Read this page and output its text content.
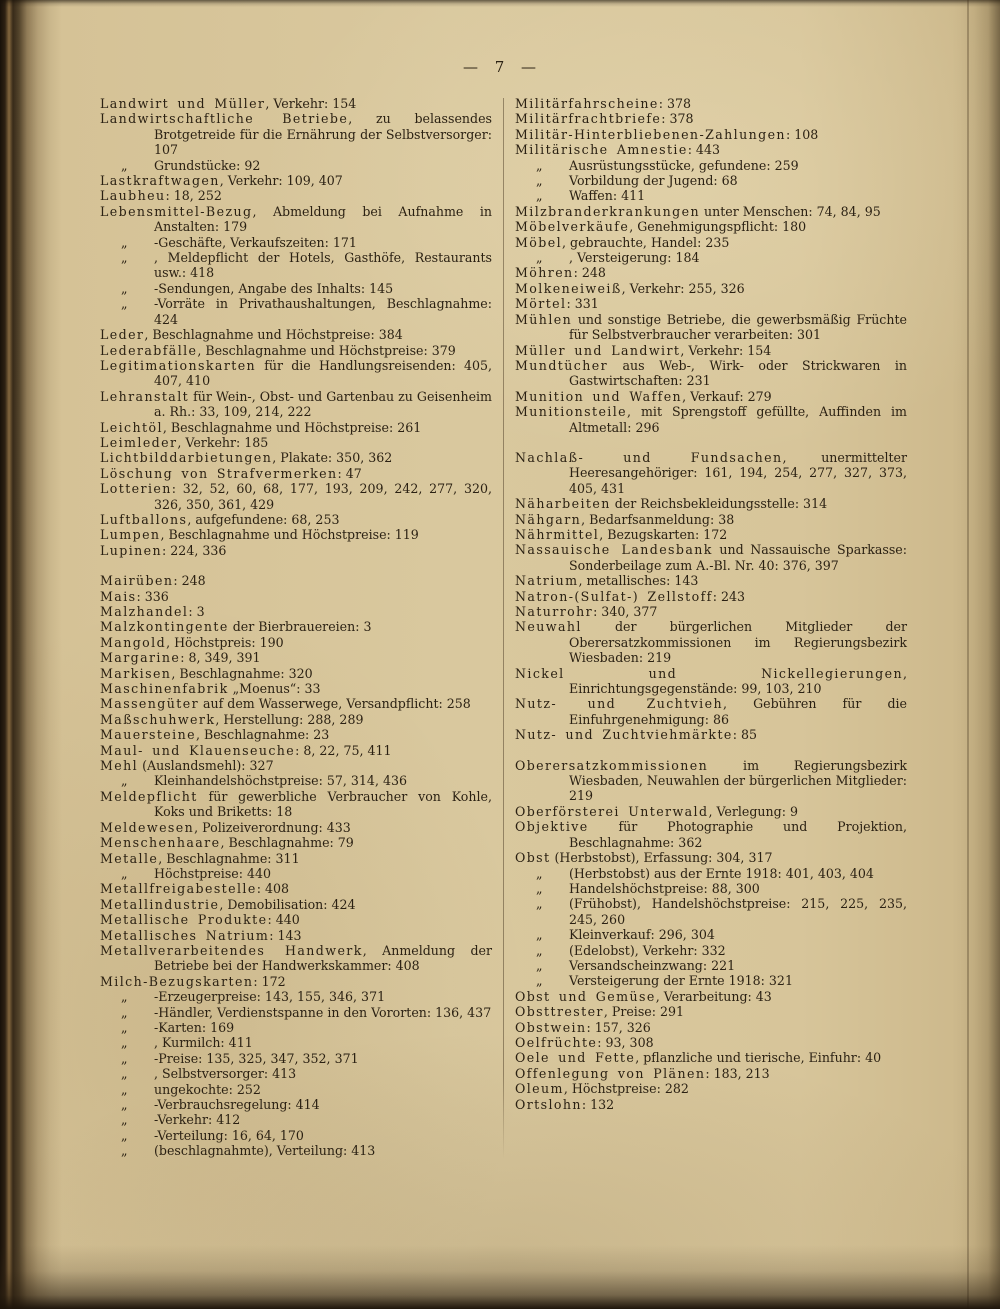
— 7 —
Landwirt und Müller, Verkehr: 154
Landwirtschaftliche Betriebe, zu belassendes Brotgetreide für die Ernährung der Selbstversorger: 107
„ Grundstücke: 92
Lastkraftwagen, Verkehr: 109, 407
Laubheu: 18, 252
Lebensmittel-Bezug, Abmeldung bei Aufnahme in Anstalten: 179
„ -Geschäfte, Verkaufszeiten: 171
„ , Meldepflicht der Hotels, Gasthöfe, Restaurants usw.: 418
„ -Sendungen, Angabe des Inhalts: 145
„ -Vorräte in Privathaushaltungen, Beschlagnahme: 424
Leder, Beschlagnahme und Höchstpreise: 384
Lederabfälle, Beschlagnahme und Höchstpreise: 379
Legitimationskarten für die Handlungsreisenden: 405, 407, 410
Lehranstalt für Wein-, Obst- und Gartenbau zu Geisenheim a. Rh.: 33, 109, 214, 222
Leichtöl, Beschlagnahme und Höchstpreise: 261
Leimleder, Verkehr: 185
Lichtbilddarbietungen, Plakate: 350, 362
Löschung von Strafvermerken: 47
Lotterien: 32, 52, 60, 68, 177, 193, 209, 242, 277, 320, 326, 350, 361, 429
Luftballons, aufgefundene: 68, 253
Lumpen, Beschlagnahme und Höchstpreise: 119
Lupinen: 224, 336
Mairüben: 248
Mais: 336
Malzhandel: 3
Malzkontingente der Bierbrauereien: 3
Mangold, Höchstpreis: 190
Margarine: 8, 349, 391
Markisen, Beschlagnahme: 320
Maschinenfabrik „Moenus“: 33
Massengüter auf dem Wasserwege, Versandpflicht: 258
Maßschuhwerk, Herstellung: 288, 289
Mauersteine, Beschlagnahme: 23
Maul- und Klauenseuche: 8, 22, 75, 411
Mehl (Auslandsmehl): 327
„ Kleinhandelshöchstpreise: 57, 314, 436
Meldepflicht für gewerbliche Verbraucher von Kohle, Koks und Briketts: 18
Meldewesen, Polizeiverordnung: 433
Menschenhaare, Beschlagnahme: 79
Metalle, Beschlagnahme: 311
„ Höchstpreise: 440
Metallfreigabestelle: 408
Metallindustrie, Demobilisation: 424
Metallische Produkte: 440
Metallisches Natrium: 143
Metallverarbeitendes Handwerk, Anmeldung der Betriebe bei der Handwerkskammer: 408
Milch-Bezugskarten: 172
„ -Erzeugerpreise: 143, 155, 346, 371
„ -Händler, Verdienstspanne in den Vororten: 136, 437
„ -Karten: 169
„ , Kurmilch: 411
„ -Preise: 135, 325, 347, 352, 371
„ , Selbstversorger: 413
„ ungekochte: 252
„ -Verbrauchsregelung: 414
„ -Verkehr: 412
„ -Verteilung: 16, 64, 170
„ (beschlagnahmte), Verteilung: 413
Militärfahrscheine: 378
Militärfrachtbriefe: 378
Militär-Hinterbliebenen-Zahlungen: 108
Militärische Amnestie: 443
„ Ausrüstungsstücke, gefundene: 259
„ Vorbildung der Jugend: 68
„ Waffen: 411
Milzbranderkrankungen unter Menschen: 74, 84, 95
Möbelverkäufe, Genehmigungspflicht: 180
Möbel, gebrauchte, Handel: 235
„ , Versteigerung: 184
Möhren: 248
Molkeneiweiß, Verkehr: 255, 326
Mörtel: 331
Mühlen und sonstige Betriebe, die gewerbsmäßig Früchte für Selbstverbraucher verarbeiten: 301
Müller und Landwirt, Verkehr: 154
Mundtücher aus Web-, Wirk- oder Strickwaren in Gastwirtschaften: 231
Munition und Waffen, Verkauf: 279
Munitionsteile, mit Sprengstoff gefüllte, Auffinden im Altmetall: 296
Nachlaß- und Fundsachen, unermittelter Heeresangehöriger: 161, 194, 254, 277, 327, 373, 405, 431
Näharbeiten der Reichsbekleidungsstelle: 314
Nähgarn, Bedarfsanmeldung: 38
Nährmittel, Bezugskarten: 172
Nassauische Landesbank und Nassauische Sparkasse: Sonderbeilage zum A.-Bl. Nr. 40: 376, 397
Natrium, metallisches: 143
Natron-(Sulfat-) Zellstoff: 243
Naturrohr: 340, 377
Neuwahl der bürgerlichen Mitglieder der Oberersatzkommissionen im Regierungsbezirk Wiesbaden: 219
Nickel und Nickellegierungen, Einrichtungsgegenstände: 99, 103, 210
Nutz- und Zuchtvieh, Gebühren für die Einfuhrgenehmigung: 86
Nutz- und Zuchtviehmärkte: 85
Oberersatzkommissionen im Regierungsbezirk Wiesbaden, Neuwahlen der bürgerlichen Mitglieder: 219
Oberförsterei Unterwald, Verlegung: 9
Objektive für Photographie und Projektion, Beschlagnahme: 362
Obst (Herbstobst), Erfassung: 304, 317
„ (Herbstobst) aus der Ernte 1918: 401, 403, 404
„ Handelshöchstpreise: 88, 300
„ (Frühobst), Handelshöchstpreise: 215, 225, 235, 245, 260
„ Kleinverkauf: 296, 304
„ (Edelobst), Verkehr: 332
„ Versandscheinzwang: 221
„ Versteigerung der Ernte 1918: 321
Obst und Gemüse, Verarbeitung: 43
Obsttrester, Preise: 291
Obstwein: 157, 326
Oelfrüchte: 93, 308
Oele und Fette, pflanzliche und tierische, Einfuhr: 40
Offenlegung von Plänen: 183, 213
Oleum, Höchstpreise: 282
Ortslohn: 132
